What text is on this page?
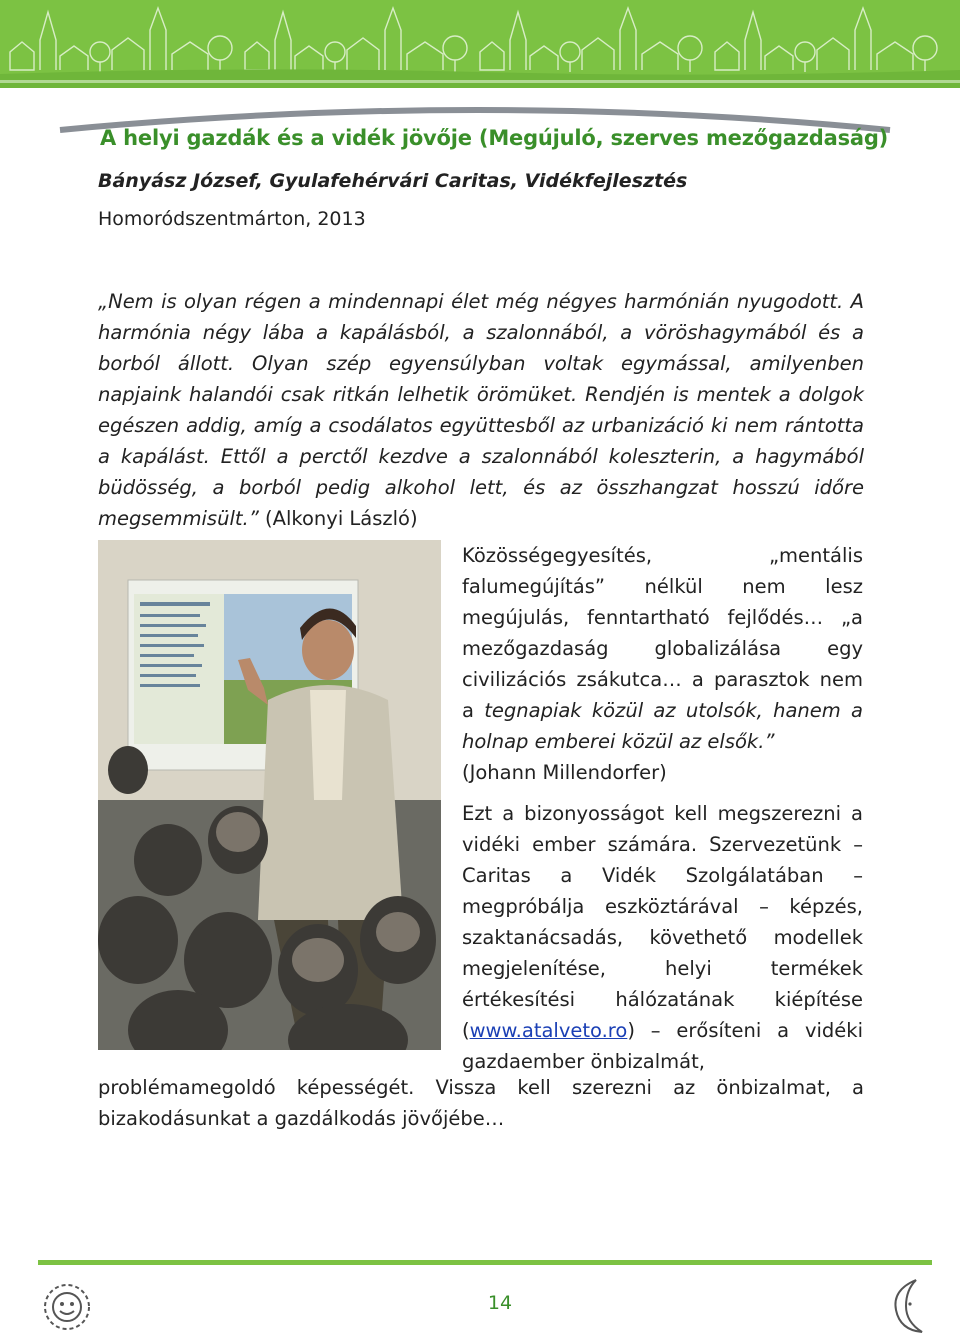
A helyi gazdák és a vidék jövője (Megújuló, szerves mezőgazdaság)
Bányász József, Gyulafehérvári Caritas, Vidékfejlesztés
Homoródszentmárton, 2013
„Nem is olyan régen a mindennapi élet még négyes harmónián nyugodott. A harmónia négy lába a kapálásból, a szalonnából, a vöröshagymából és a borból állott. Olyan szép egyensúlyban voltak egymással, amilyenben napjaink halandói csak ritkán lelhetik örömüket. Rendjén is mentek a dolgok egészen addig, amíg a csodálatos együttesből az urbanizáció ki nem rántotta a kapálást. Ettől a perctől kezdve a szalonnából koleszterin, a hagymából büdösség, a borból pedig alkohol lett, és az összhangzat hosszú időre megsemmisült.” (Alkonyi László)

Közösségegyesítés, „mentális falumegújítás” nélkül nem lesz megújulás, fenntartható fejlődés… „a mezőgazdaság globalizálása egy civilizációs zsákutca… a parasztok nem a tegnapiak közül az utolsók, hanem a holnap emberei közül az elsők.”
(Johann Millendorfer)

Ezt a bizonyosságot kell megszerezni a vidéki ember számára. Szervezetünk – Caritas a Vidék Szolgálatában – megpróbálja eszköztárával – képzés, szaktanácsadás, követhető modellek megjelenítése, helyi termékek értékesítési hálózatának kiépítése (www.atalveto.ro) – erősíteni a vidéki gazdaember önbizalmát,

problémamegoldó képességét. Vissza kell szerezni az önbizalmat, a bizakodásunkat a gazdálkodás jövőjébe…
14
